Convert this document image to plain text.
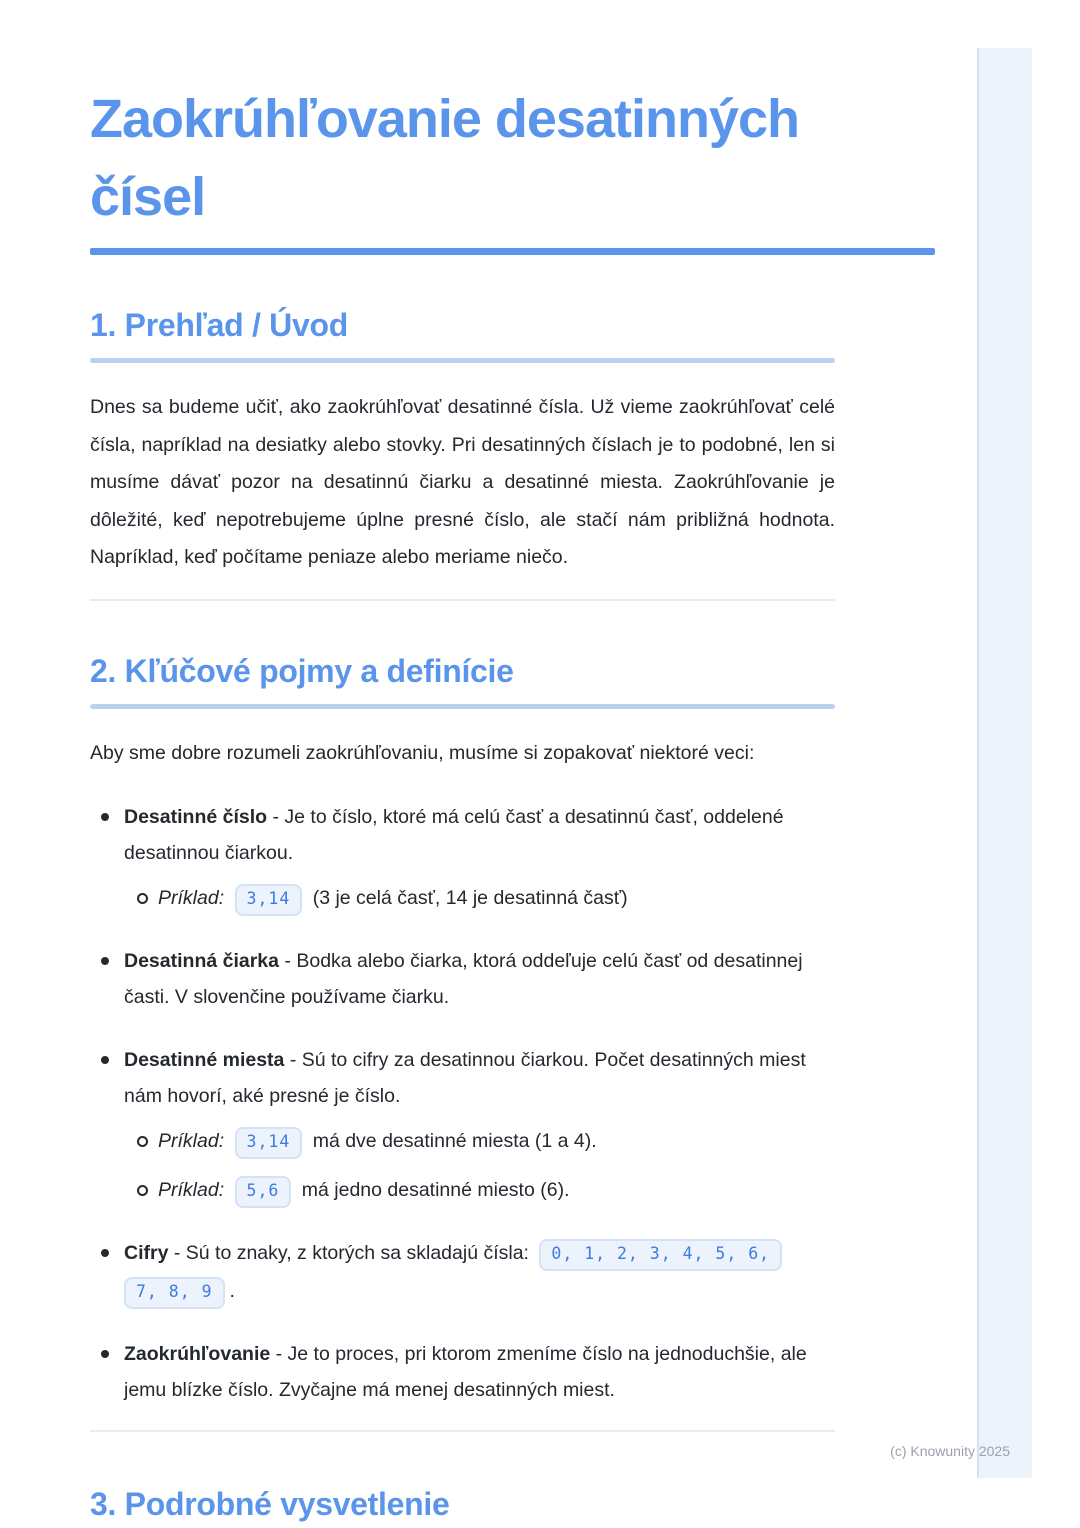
Zaokrúhľovanie desatinných
čísel
1. Prehľad / Úvod

Dnes sa budeme učiť, ako zaokrúhľovať desatinné čísla. Už vieme zaokrúhľovať celé čísla, napríklad na desiatky alebo stovky. Pri desatinných číslach je to podobné, len si musíme dávať pozor na desatinnú čiarku a desatinné miesta. Zaokrúhľovanie je dôležité, keď nepotrebujeme úplne presné číslo, ale stačí nám približná hodnota. Napríklad, keď počítame peniaze alebo meriame niečo.

2. Kľúčové pojmy a definície

Aby sme dobre rozumeli zaokrúhľovaniu, musíme si zopakovať niektoré veci:

Desatinné číslo - Je to číslo, ktoré má celú časť a desatinnú časť, oddelené desatinnou čiarkou.
Príklad: 3,14 (3 je celá časť, 14 je desatinná časť)
Desatinná čiarka - Bodka alebo čiarka, ktorá oddeľuje celú časť od desatinnej časti. V slovenčine používame čiarku.
Desatinné miesta - Sú to cifry za desatinnou čiarkou. Počet desatinných miest nám hovorí, aké presné je číslo.
Príklad: 3,14 má dve desatinné miesta (1 a 4).
Príklad: 5,6 má jedno desatinné miesto (6).
Cifry - Sú to znaky, z ktorých sa skladajú čísla: 0, 1, 2, 3, 4, 5, 6,
7, 8, 9 .
Zaokrúhľovanie - Je to proces, pri ktorom zmeníme číslo na jednoduchšie, ale jemu blízke číslo. Zvyčajne má menej desatinných miest.
3. Podrobné vysvetlenie
(c) Knowunity 2025
